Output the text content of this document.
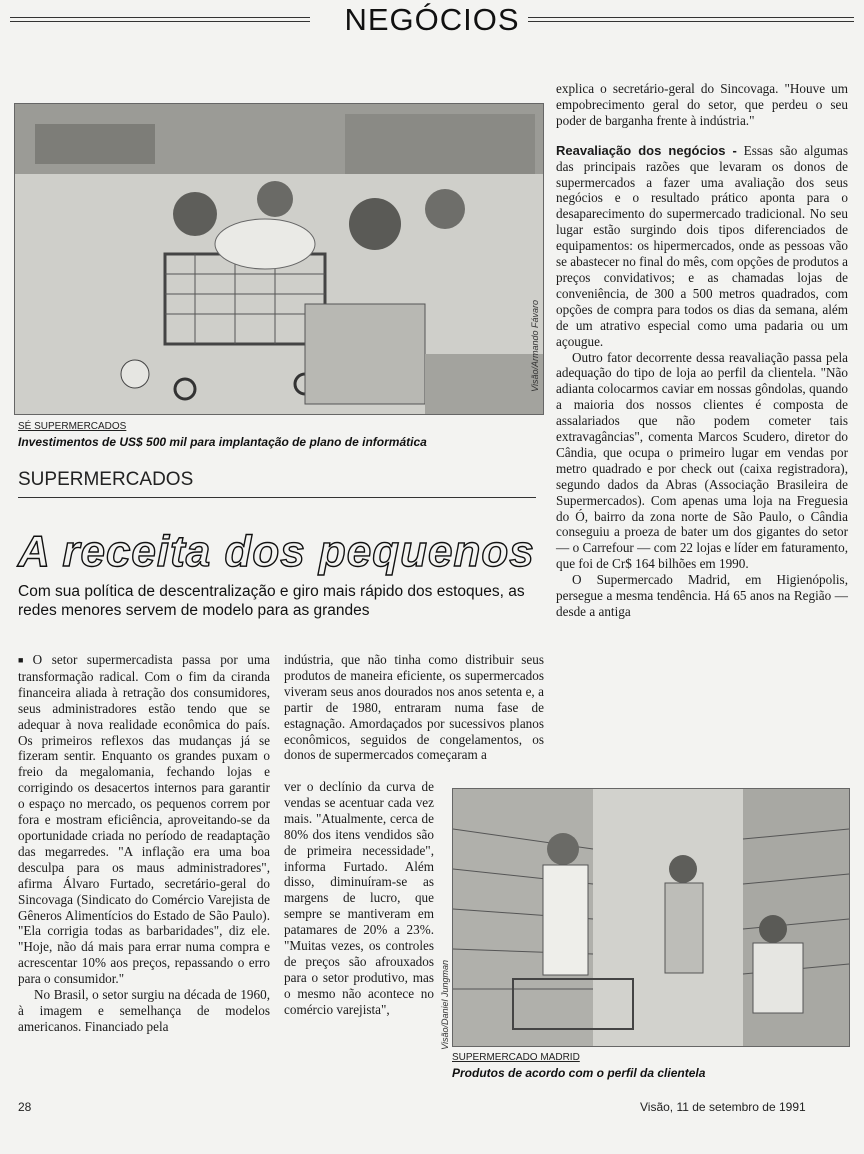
NEGÓCIOS
Visão/Armando Fávaro
SÉ SUPERMERCADOS
Investimentos de US$ 500 mil para implantação de plano de informática
SUPERMERCADOS
A receita dos pequenos
Com sua política de descentralização e giro mais rápido dos estoques, as redes menores servem de modelo para as grandes

■ O setor supermercadista passa por uma transformação radical. Com o fim da ciranda financeira aliada à retração dos consumidores, seus administradores estão tendo que se adequar à nova realidade econômica do país. Os primeiros reflexos das mudanças já se fizeram sentir. Enquanto os grandes puxam o freio da megalomania, fechando lojas e corrigindo os desacertos internos para garantir o espaço no mercado, os pequenos correm por fora e mostram eficiência, aproveitando-se da oportunidade criada no período de readaptação das megarredes. "A inflação era uma boa desculpa para os maus administradores", afirma Álvaro Furtado, secretário-geral do Sincovaga (Sindicato do Comércio Varejista de Gêneros Alimentícios do Estado de São Paulo). "Ela corrigia todas as barbaridades", diz ele. "Hoje, não dá mais para errar numa compra e acrescentar 10% aos preços, repassando o erro para o consumidor."

No Brasil, o setor surgiu na década de 1960, à imagem e semelhança de modelos americanos. Financiado pela

indústria, que não tinha como distribuir seus produtos de maneira eficiente, os supermercados viveram seus anos dourados nos anos setenta e, a partir de 1980, entraram numa fase de estagnação. Amordaçados por sucessivos planos econômicos, seguidos de congelamentos, os donos de supermercados começaram a
ver o declínio da curva de vendas se acentuar cada vez mais. "Atualmente, cerca de 80% dos itens vendidos são de primeira necessidade", informa Furtado. Além disso, diminuíram-se as margens de lucro, que sempre se mantiveram em patamares de 20% a 23%. "Muitas vezes, os controles de preços são afrouxados para o setor produtivo, mas o mesmo não acontece no comércio varejista",

explica o secretário-geral do Sincovaga. "Houve um empobrecimento geral do setor, que perdeu o seu poder de barganha frente à indústria."

Reavaliação dos negócios - Essas são algumas das principais razões que levaram os donos de supermercados a fazer uma avaliação dos seus negócios e o resultado prático aponta para o desaparecimento do supermercado tradicional. No seu lugar estão surgindo dois tipos diferenciados de equipamentos: os hipermercados, onde as pessoas vão se abastecer no final do mês, com opções de produtos a preços convidativos; e as chamadas lojas de conveniência, de 300 a 500 metros quadrados, com opções de compra para todos os dias da semana, além de um atrativo especial como uma padaria ou um açougue.

Outro fator decorrente dessa reavaliação passa pela adequação do tipo de loja ao perfil da clientela. "Não adianta colocarmos caviar em nossas gôndolas, quando a maioria dos nossos clientes é composta de assalariados que não podem cometer tais extravagâncias", comenta Marcos Scudero, diretor do Cândia, que ocupa o primeiro lugar em vendas por metro quadrado e por check out (caixa registradora), segundo dados da Abras (Associação Brasileira de Supermercados). Com apenas uma loja na Freguesia do Ó, bairro da zona norte de São Paulo, o Cândia conseguiu a proeza de bater um dos gigantes do setor — o Carrefour — com 22 lojas e líder em faturamento, que foi de Cr$ 164 bilhões em 1990.

O Supermercado Madrid, em Higienópolis, persegue a mesma tendência. Há 65 anos na Região — desde a antiga

Visão/Daniel Jungman
SUPERMERCADO MADRID
Produtos de acordo com o perfil da clientela
28	Visão, 11 de setembro de 1991
